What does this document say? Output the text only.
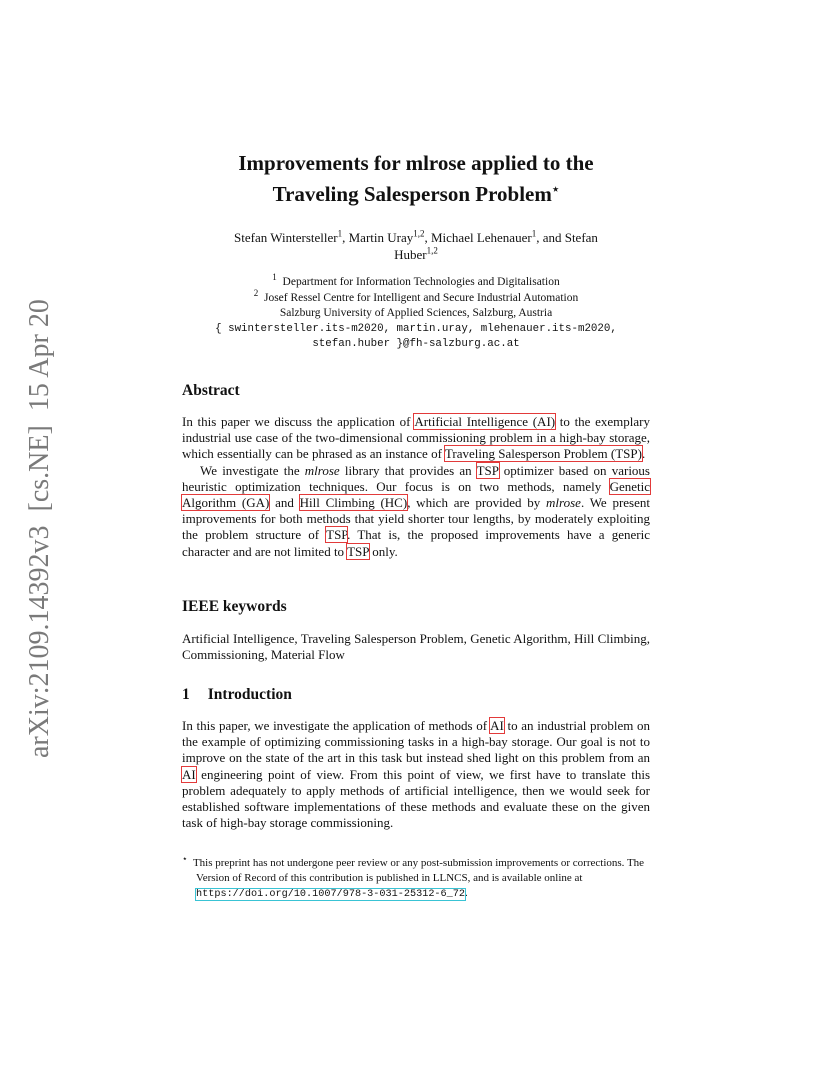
arXiv:2109.14392v3  [cs.NE]  15 Apr 2024
Improvements for mlrose applied to the
Traveling Salesperson Problem⋆
Stefan Wintersteller$^1$, Martin Uray$^{1,2}$, Michael Lehenauer$^1$, and Stefan
Huber$^{1,2}$
$^1$ Department for Information Technologies and Digitalisation
$^2$ Josef Ressel Centre for Intelligent and Secure Industrial Automation
Salzburg University of Applied Sciences, Salzburg, Austria
{ swintersteller.its-m2020, martin.uray, mlehenauer.its-m2020,
stefan.huber }@fh-salzburg.ac.at
Abstract

In this paper we discuss the application of Artificial Intelligence (AI) to the exemplary industrial use case of the two-dimensional commissioning problem in a high-bay storage, which essentially can be phrased as an instance of Traveling Salesperson Problem (TSP).

We investigate the mlrose library that provides an TSP optimizer based on various heuristic optimization techniques. Our focus is on two methods, namely Genetic Algorithm (GA) and Hill Climbing (HC), which are provided by mlrose. We present improvements for both methods that yield shorter tour lengths, by moderately exploiting the problem structure of TSP. That is, the proposed improvements have a generic character and are not limited to TSP only.

IEEE keywords
Artificial Intelligence, Traveling Salesperson Problem, Genetic Algorithm, Hill Climbing, Commissioning, Material Flow
1 Introduction

In this paper, we investigate the application of methods of AI to an industrial problem on the example of optimizing commissioning tasks in a high-bay storage. Our goal is not to improve on the state of the art in this task but instead shed light on this problem from an AI engineering point of view. From this point of view, we first have to translate this problem adequately to apply methods of artificial intelligence, then we would seek for established software implementations of these methods and evaluate these on the given task of high-bay storage commissioning.

⋆ This preprint has not undergone peer review or any post-submission improvements or corrections. The Version of Record of this contribution is published in LLNCS, and is available online at https://doi.org/10.1007/978-3-031-25312-6_72.
